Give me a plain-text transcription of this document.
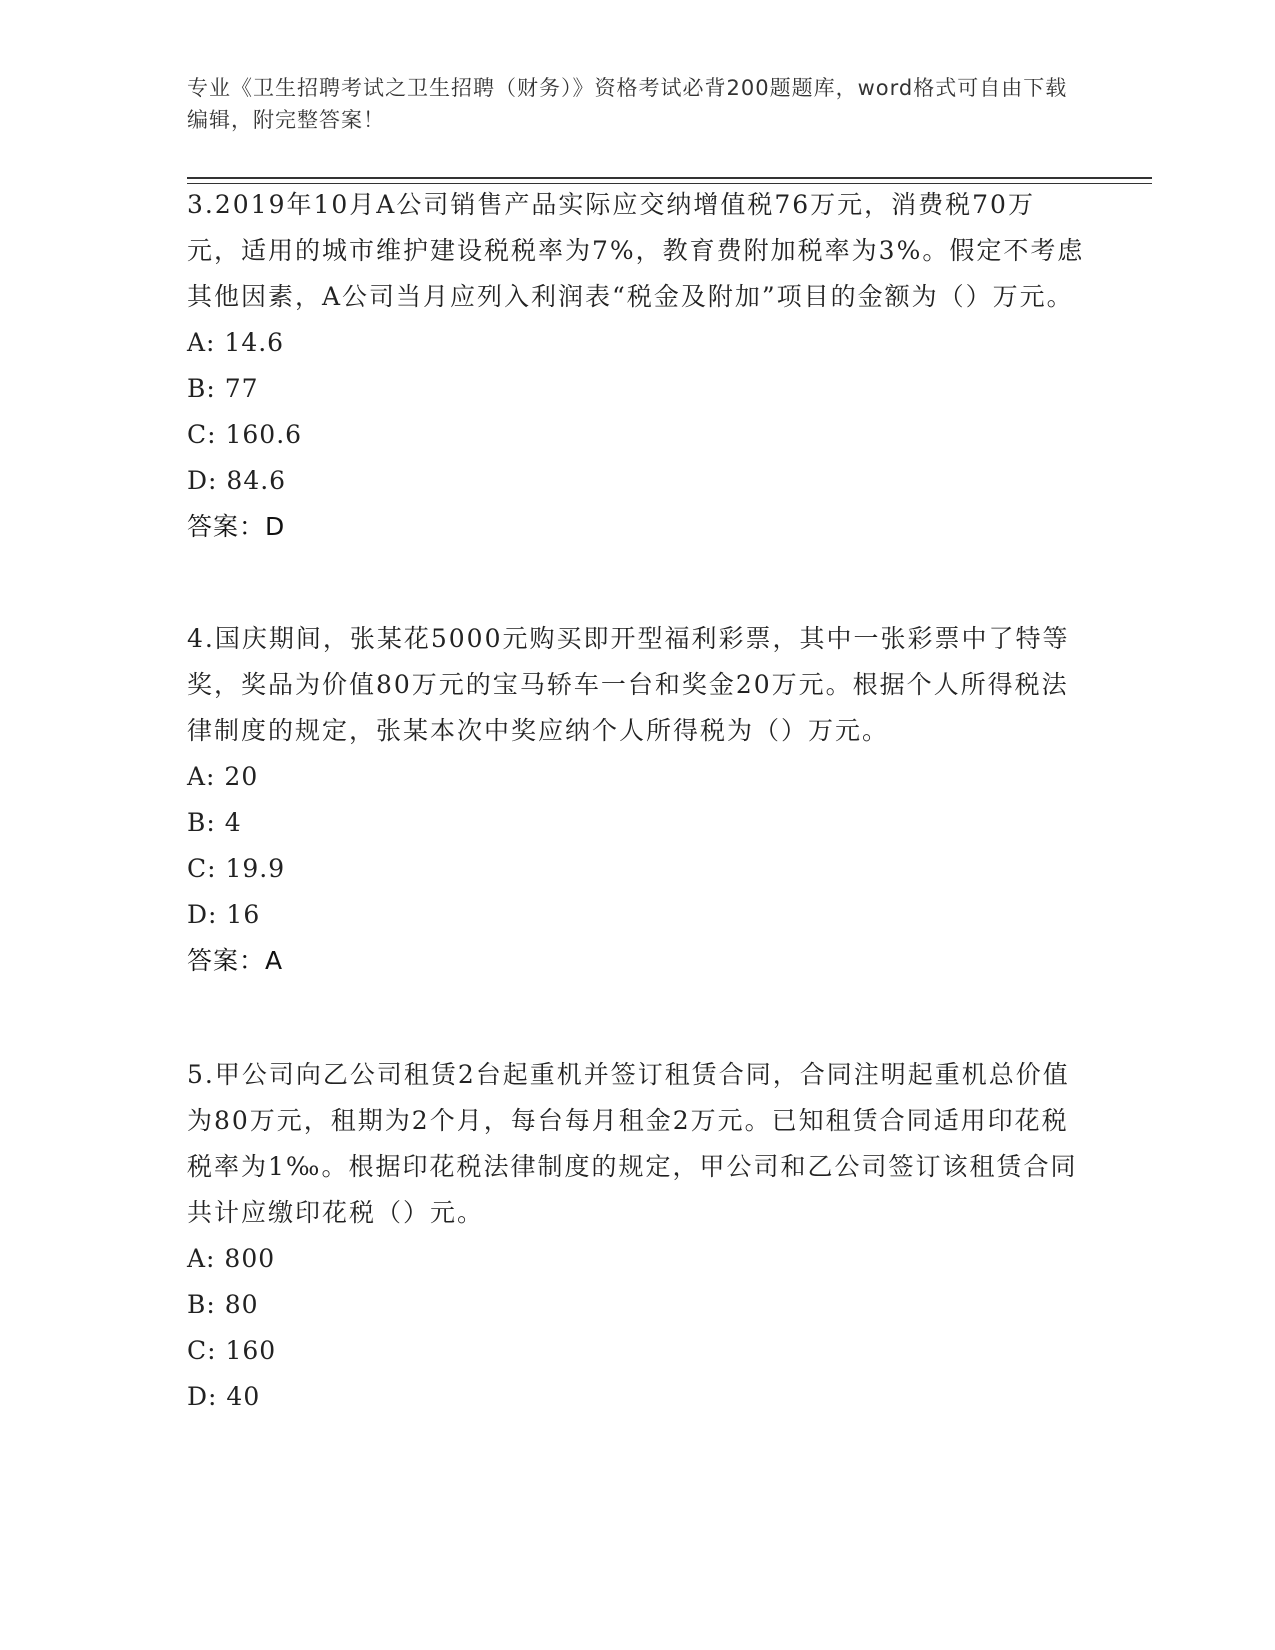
专业《卫生招聘考试之卫生招聘（财务）》资格考试必背200题题库，word格式可自由下载编辑，附完整答案！

3.2019年10月A公司销售产品实际应交纳增值税76万元，消费税70万元，适用的城市维护建设税税率为7%，教育费附加税率为3%。假定不考虑其他因素，A公司当月应列入利润表“税金及附加”项目的金额为（）万元。

A: 14.6

B: 77

C: 160.6

D: 84.6

答案：D

4.国庆期间，张某花5000元购买即开型福利彩票，其中一张彩票中了特等奖，奖品为价值80万元的宝马轿车一台和奖金20万元。根据个人所得税法律制度的规定，张某本次中奖应纳个人所得税为（）万元。

A: 20

B: 4

C: 19.9

D: 16

答案：A

5.甲公司向乙公司租赁2台起重机并签订租赁合同，合同注明起重机总价值为80万元，租期为2个月，每台每月租金2万元。已知租赁合同适用印花税税率为1‰。根据印花税法律制度的规定，甲公司和乙公司签订该租赁合同共计应缴印花税（）元。

A: 800

B: 80

C: 160

D: 40
